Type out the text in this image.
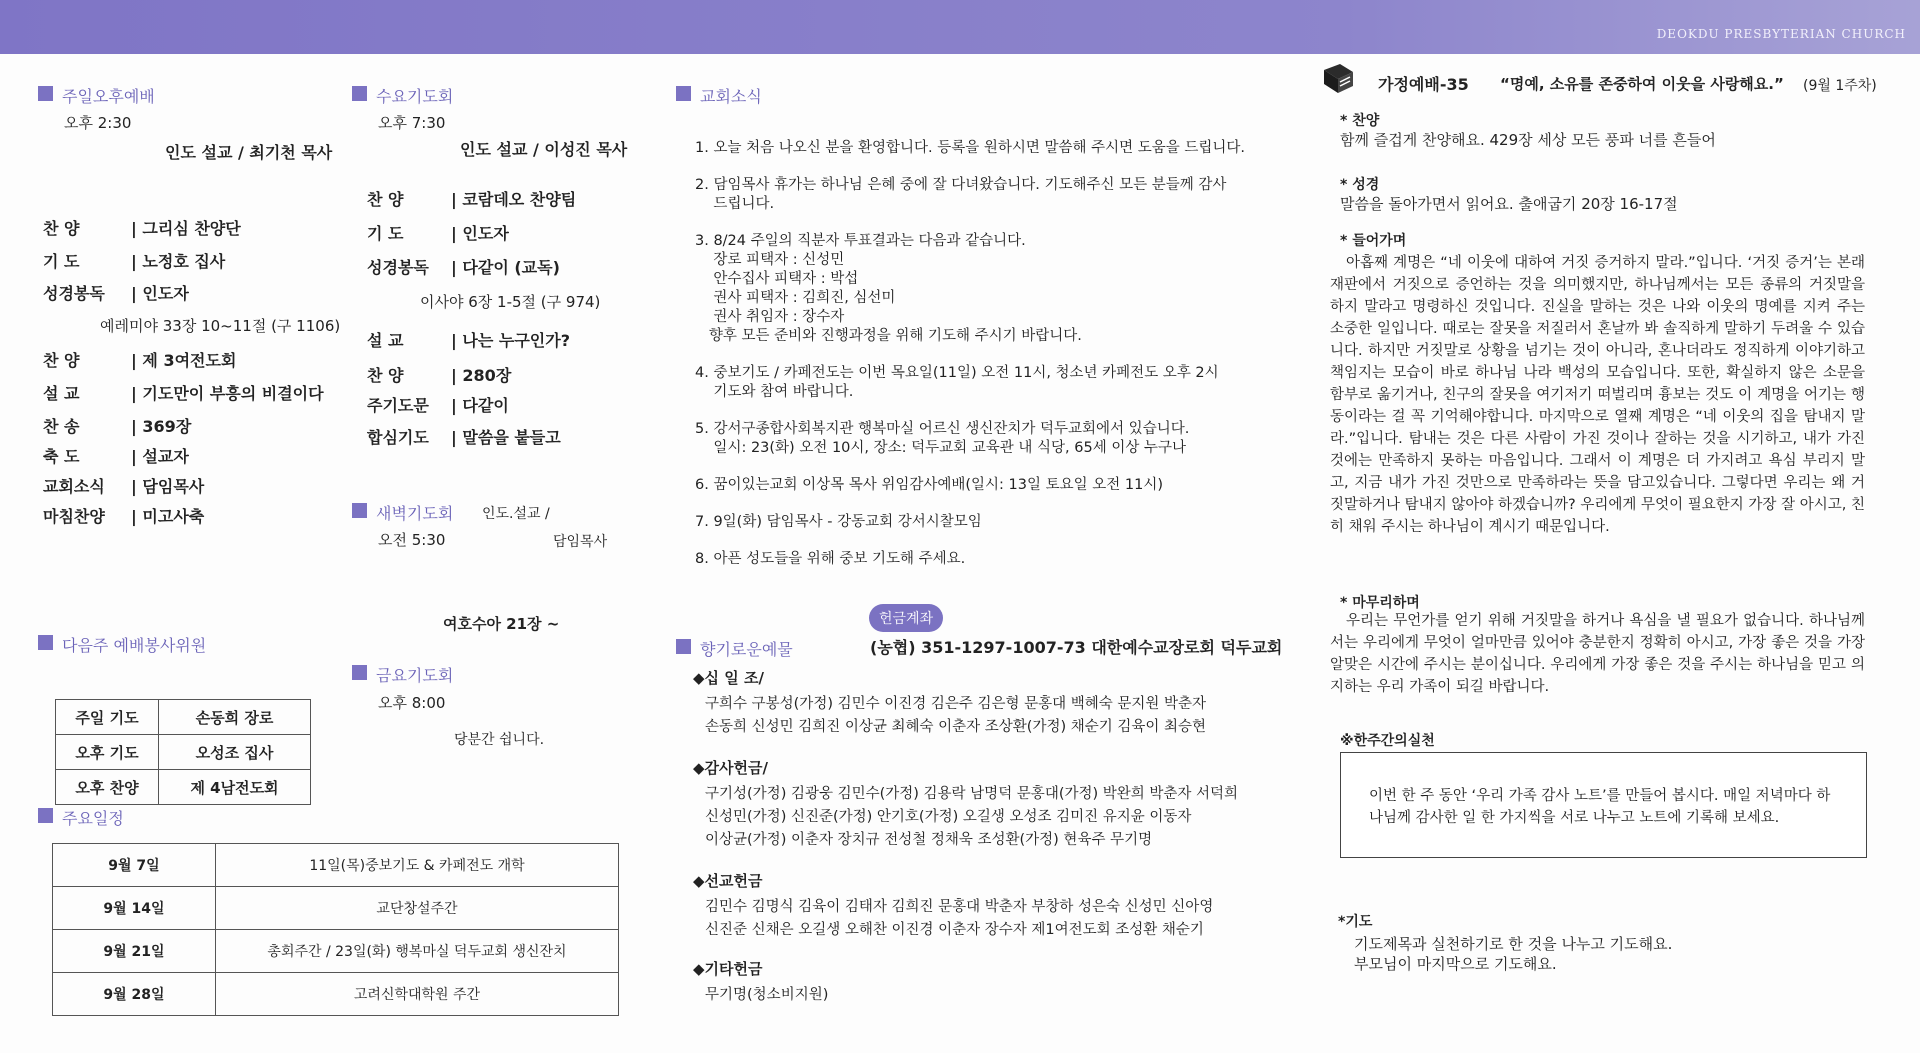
DEOKDU PRESBYTERIAN CHURCH
주일오후예배
오후 2:30
인도 설교 / 최기천 목사
찬 양	| 그리심 찬양단
기 도	| 노정호 집사
성경봉독 | 인도자
예레미야 33장 10~11절 (구 1106)
찬 양	| 제 3여전도회
설 교	| 기도만이 부흥의 비결이다
찬 송	| 369장
축 도	| 설교자
교회소식 | 담임목사
마침찬양 | 미고사축
다음주 예배봉사위원
주일 기도	손동희 장로
오후 기도	오성조 집사
오후 찬양	제 4남전도회
주요일정
9월 7일	11일(목)중보기도 & 카페전도 개학
9월 14일	교단창설주간
9월 21일	총회주간 / 23일(화) 행복마실 덕두교회 생신잔치
9월 28일	고려신학대학원 주간
수요기도회
오후 7:30
인도 설교 / 이성진 목사
찬 양	| 코람데오 찬양팀
기 도	| 인도자
성경봉독 | 다같이 (교독)
이사야 6장 1-5절 (구 974)
설 교	| 나는 누구인가?
찬 양	| 280장
주기도문 | 다같이
합심기도 | 말씀을 붙들고
새벽기도회 인도.설교 /
오전 5:30	담임목사
여호수아 21장 ~
금요기도회
오후 8:00
당분간 쉽니다.
교회소식
1. 오늘 처음 나오신 분을 환영합니다. 등록을 원하시면 말씀해 주시면 도움을 드립니다.
2. 담임목사 휴가는 하나님 은혜 중에 잘 다녀왔습니다. 기도해주신 모든 분들께 감사
드립니다.
3. 8/24 주일의 직분자 투표결과는 다음과 같습니다.
장로 피택자 : 신성민
안수집사 피택자 : 박섭
권사 피택자 : 김희진, 심선미
권사 취임자 : 장수자
향후 모든 준비와 진행과정을 위해 기도해 주시기 바랍니다.
4. 중보기도 / 카페전도는 이번 목요일(11일) 오전 11시, 청소년 카페전도 오후 2시
기도와 참여 바랍니다.
5. 강서구종합사회복지관 행복마실 어르신 생신잔치가 덕두교회에서 있습니다.
일시: 23(화) 오전 10시, 장소: 덕두교회 교육관 내 식당, 65세 이상 누구나
6. 꿈이있는교회 이상목 목사 위임감사예배(일시: 13일 토요일 오전 11시)
7. 9일(화) 담임목사 - 강동교회 강서시찰모임
8. 아픈 성도들을 위해 중보 기도해 주세요.
헌금계좌
향기로운예물	(농협) 351-1297-1007-73 대한예수교장로회 덕두교회
◆십 일 조/
구희수 구봉성(가정) 김민수 이진경 김은주 김은형 문홍대 백혜숙 문지원 박춘자
손동희 신성민 김희진 이상균 최혜숙 이춘자 조상환(가정) 채순기 김육이 최승현
◆감사헌금/
구기성(가정) 김광웅 김민수(가정) 김용락 남명덕 문홍대(가정) 박완희 박춘자 서덕희
신성민(가정) 신진준(가정) 안기호(가정) 오길생 오성조 김미진 유지윤 이동자
이상균(가정) 이춘자 장치규 전성철 정채욱 조성환(가정) 현육주 무기명
◆선교헌금
김민수 김명식 김육이 김태자 김희진 문홍대 박춘자 부창하 성은숙 신성민 신아영
신진준 신채은 오길생 오해찬 이진경 이춘자 장수자 제1여전도회 조성환 채순기
◆기타헌금
무기명(청소비지원)
가정예배-35 “명예, 소유를 존중하여 이웃을 사랑해요.” (9월 1주차)
* 찬양
함께 즐겁게 찬양해요. 429장 세상 모든 풍파 너를 흔들어
* 성경
말씀을 돌아가면서 읽어요. 출애굽기 20장 16-17절
* 들어가며
아홉째 계명은 “네 이웃에 대하여 거짓 증거하지 말라.”입니다. ‘거짓 증거’는 본래 재판에서 거짓으로 증언하는 것을 의미했지만, 하나님께서는 모든 종류의 거짓말을 하지 말라고 명령하신 것입니다. 진실을 말하는 것은 나와 이웃의 명예를 지켜 주는 소중한 일입니다. 때로는 잘못을 저질러서 혼날까 봐 솔직하게 말하기 두려울 수 있습니다. 하지만 거짓말로 상황을 넘기는 것이 아니라, 혼나더라도 정직하게 이야기하고 책임지는 모습이 바로 하나님 나라 백성의 모습입니다. 또한, 확실하지 않은 소문을 함부로 옮기거나, 친구의 잘못을 여기저기 떠벌리며 흉보는 것도 이 계명을 어기는 행동이라는 걸 꼭 기억해야합니다. 마지막으로 열째 계명은 “네 이웃의 집을 탐내지 말라.”입니다. 탐내는 것은 다른 사람이 가진 것이나 잘하는 것을 시기하고, 내가 가진 것에는 만족하지 못하는 마음입니다. 그래서 이 계명은 더 가지려고 욕심 부리지 말고, 지금 내가 가진 것만으로 만족하라는 뜻을 담고있습니다. 그렇다면 우리는 왜 거짓말하거나 탐내지 않아야 하겠습니까? 우리에게 무엇이 필요한지 가장 잘 아시고, 친히 채워 주시는 하나님이 계시기 때문입니다.
* 마무리하며
우리는 무언가를 얻기 위해 거짓말을 하거나 욕심을 낼 필요가 없습니다. 하나님께서는 우리에게 무엇이 얼마만큼 있어야 충분한지 정확히 아시고, 가장 좋은 것을 가장 알맞은 시간에 주시는 분이십니다. 우리에게 가장 좋은 것을 주시는 하나님을 믿고 의지하는 우리 가족이 되길 바랍니다.
※한주간의실천
이번 한 주 동안 ‘우리 가족 감사 노트’를 만들어 봅시다. 매일 저녁마다 하나님께 감사한 일 한 가지씩을 서로 나누고 노트에 기록해 보세요.
*기도
기도제목과 실천하기로 한 것을 나누고 기도해요.
부모님이 마지막으로 기도해요.
